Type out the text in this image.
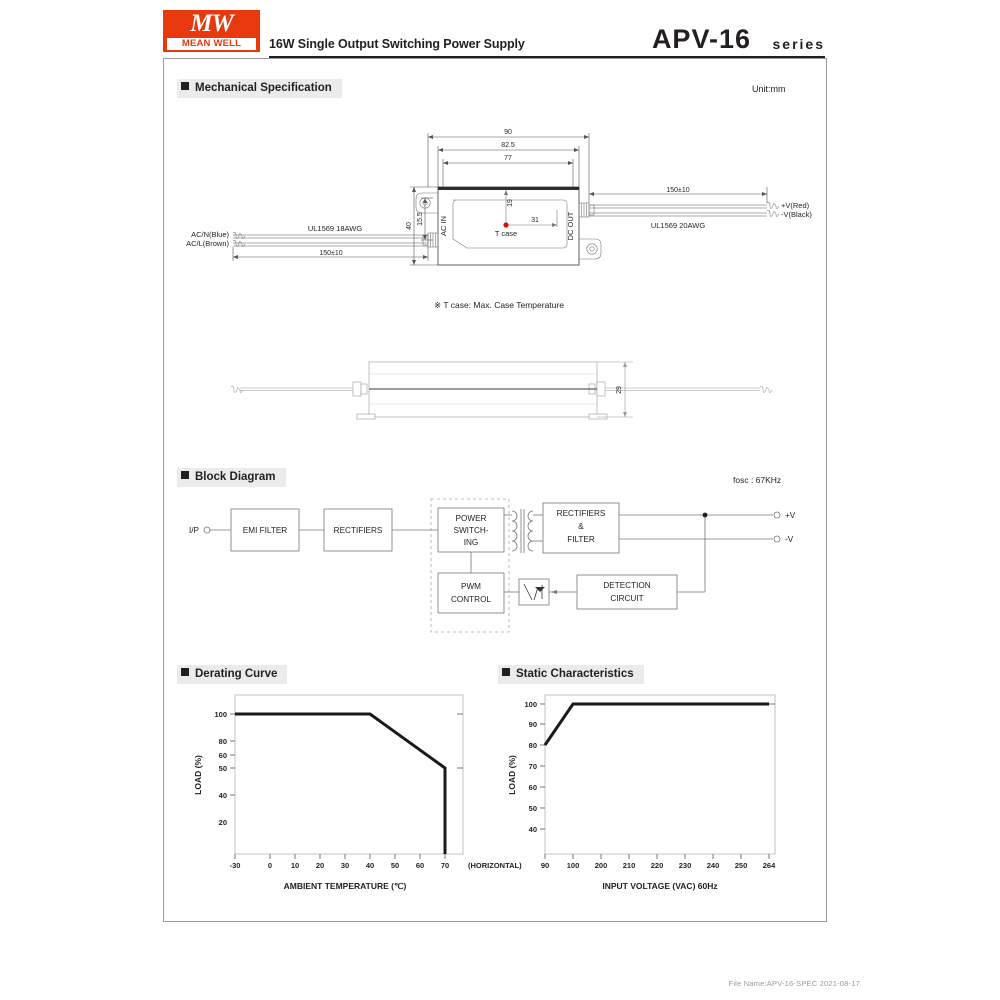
MW
MEAN WELL	16W Single Output Switching Power Supply	APV-16 series
Mechanical Specification	Unit:mm
90
82.5
77
AC IN	DC OUT
19
31
T case
40
15.5
150±10
AC/N(Blue)
AC/L(Brown)
UL1569 18AWG
150±10
+V(Red)
-V(Black)
UL1569 20AWG
※ T case: Max. Case Temperature
29
Block Diagram	fosc : 67KHz
I/P	EMI FILTER	RECTIFIERS
POWER
SWITCH-
ING
RECTIFIERS
&
FILTER
+V
-V
PWM
CONTROL
DETECTION
CIRCUIT
Derating Curve
100
80
60
50
40
20
-30	0 10 20 30 40 50 60 70	(HORIZONTAL)
LOAD (%)
AMBIENT TEMPERATURE (℃)
Static Characteristics
100
90
80
70
60
50
40
90 100 200 210 220 230 240 250 264
LOAD (%)
INPUT VOLTAGE (VAC) 60Hz
File Name:APV-16-SPEC 2021-08-17
